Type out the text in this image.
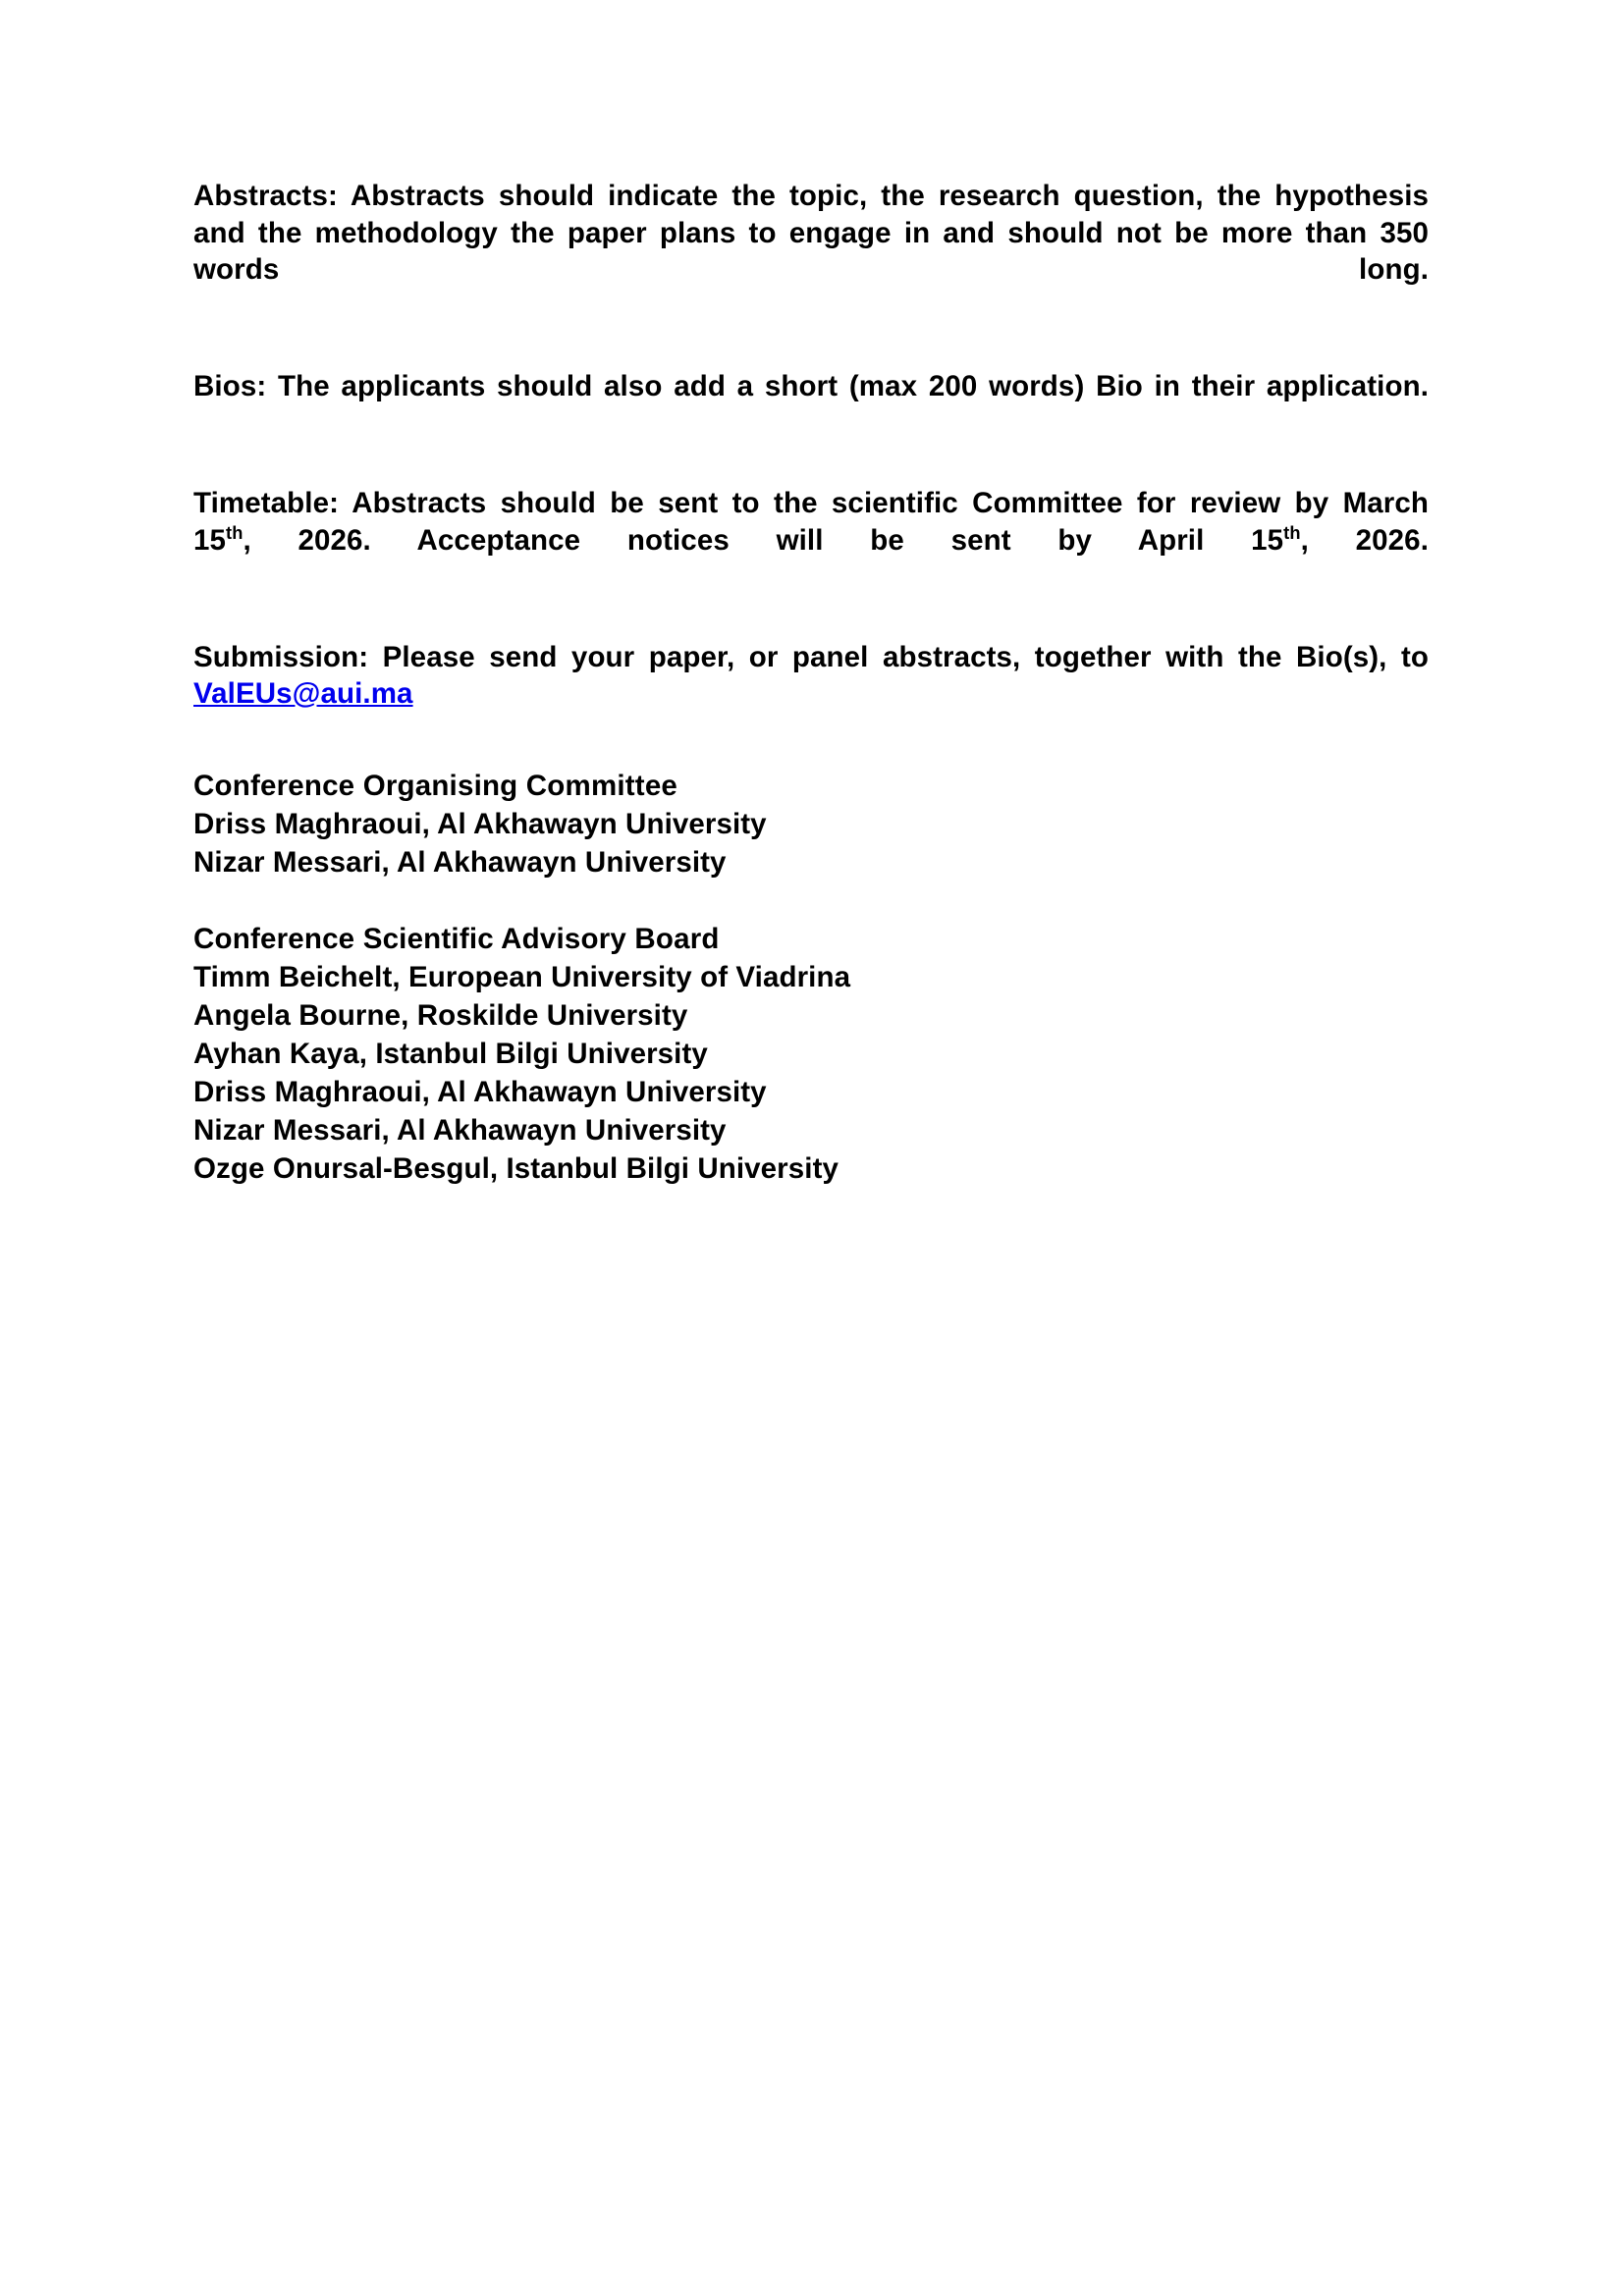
Abstracts: Abstracts should indicate the topic, the research question, the hypothesis and the methodology the paper plans to engage in and should not be more than 350 words long.

Bios: The applicants should also add a short (max 200 words) Bio in their application.

Timetable: Abstracts should be sent to the scientific Committee for review by March 15th, 2026. Acceptance notices will be sent by April 15th, 2026.

Submission: Please send your paper, or panel abstracts, together with the Bio(s), to ValEUs@aui.ma

Conference Organising Committee
Driss Maghraoui, Al Akhawayn University
Nizar Messari, Al Akhawayn University
Conference Scientific Advisory Board
Timm Beichelt, European University of Viadrina
Angela Bourne, Roskilde University
Ayhan Kaya, Istanbul Bilgi University
Driss Maghraoui, Al Akhawayn University
Nizar Messari, Al Akhawayn University
Ozge Onursal-Besgul, Istanbul Bilgi University
